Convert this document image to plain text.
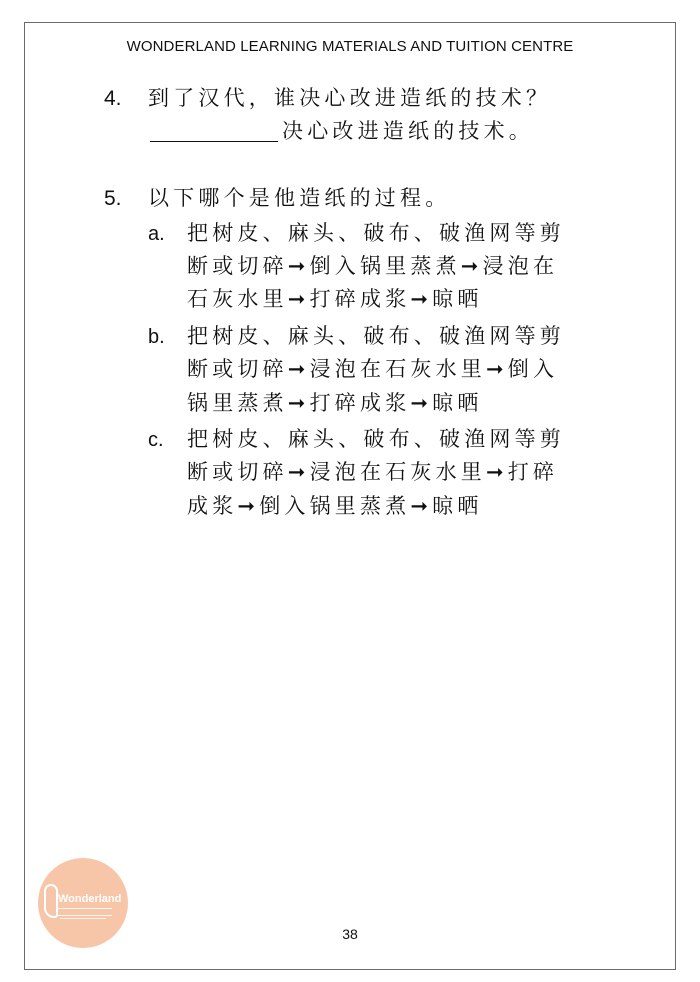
WONDERLAND LEARNING MATERIALS AND TUITION CENTRE
4. 到了汉代，谁决心改进造纸的技术？
决心改进造纸的技术。
5. 以下哪个是他造纸的过程。
a. 把树皮、麻头、破布、破渔网等剪
断或切碎➞倒入锅里蒸煮➞浸泡在
石灰水里➞打碎成浆➞晾晒
b. 把树皮、麻头、破布、破渔网等剪
断或切碎➞浸泡在石灰水里➞倒入
锅里蒸煮➞打碎成浆➞晾晒
c. 把树皮、麻头、破布、破渔网等剪
断或切碎➞浸泡在石灰水里➞打碎
成浆➞倒入锅里蒸煮➞晾晒
Wonderland
38
